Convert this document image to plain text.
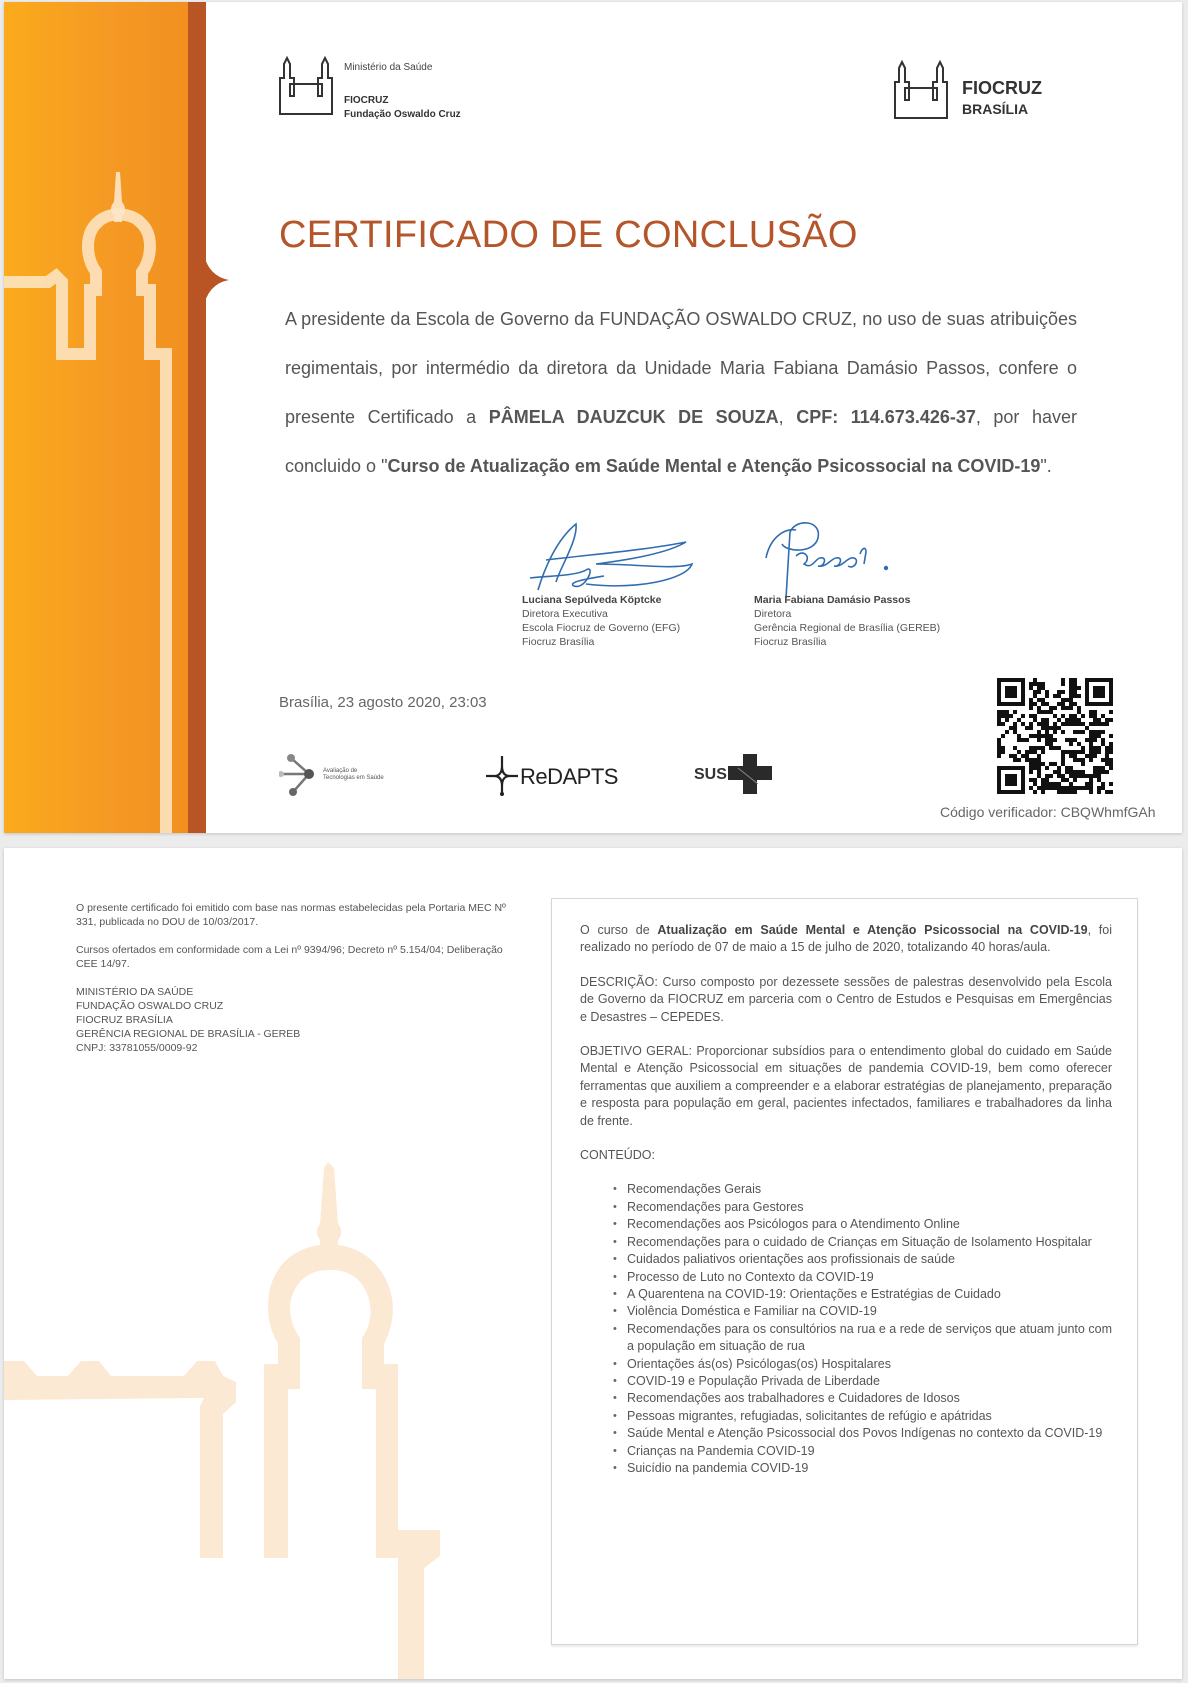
Ministério da Saúde
FIOCRUZ
Fundação Oswaldo Cruz
FIOCRUZ
BRASÍLIA
CERTIFICADO DE CONCLUSÃO
A presidente da Escola de Governo da FUNDAÇÃO OSWALDO CRUZ, no uso de suas atribuições regimentais, por intermédio da diretora da Unidade Maria Fabiana Damásio Passos, confere o presente Certificado a PÂMELA DAUZCUK DE SOUZA, CPF: 114.673.426-37, por haver concluido o "Curso de Atualização em Saúde Mental e Atenção Psicossocial na COVID-19".
Luciana Sepúlveda Köptcke
Diretora Executiva
Escola Fiocruz de Governo (EFG)
Fiocruz Brasília
Maria Fabiana Damásio Passos
Diretora
Gerência Regional de Brasília (GEREB)
Fiocruz Brasília
Brasília, 23 agosto 2020, 23:03
Avaliação de
Tecnologias em Saúde	ReDAPTS	SUS
Código verificador: CBQWhmfGAh

O presente certificado foi emitido com base nas normas estabelecidas pela Portaria MEC Nº 331, publicada no DOU de 10/03/2017.

Cursos ofertados em conformidade com a Lei nº 9394/96; Decreto nº 5.154/04; Deliberação CEE 14/97.

MINISTÉRIO DA SAÚDE
FUNDAÇÃO OSWALDO CRUZ
FIOCRUZ BRASÍLIA
GERÊNCIA REGIONAL DE BRASÍLIA - GEREB
CNPJ: 33781055/0009-92

O curso de Atualização em Saúde Mental e Atenção Psicossocial na COVID-19, foi realizado no período de 07 de maio a 15 de julho de 2020, totalizando 40 horas/aula.

DESCRIÇÃO: Curso composto por dezessete sessões de palestras desenvolvido pela Escola de Governo da FIOCRUZ em parceria com o Centro de Estudos e Pesquisas em Emergências e Desastres – CEPEDES.

OBJETIVO GERAL: Proporcionar subsídios para o entendimento global do cuidado em Saúde Mental e Atenção Psicossocial em situações de pandemia COVID-19, bem como oferecer ferramentas que auxiliem a compreender e a elaborar estratégias de planejamento, preparação e resposta para população em geral, pacientes infectados, familiares e trabalhadores da linha de frente.

CONTEÚDO:

• Recomendações Gerais
• Recomendações para Gestores
• Recomendações aos Psicólogos para o Atendimento Online
• Recomendações para o cuidado de Crianças em Situação de Isolamento Hospitalar
• Cuidados paliativos orientações aos profissionais de saúde
• Processo de Luto no Contexto da COVID-19
• A Quarentena na COVID-19: Orientações e Estratégias de Cuidado
• Violência Doméstica e Familiar na COVID-19
• Recomendações para os consultórios na rua e a rede de serviços que atuam junto com a população em situação de rua
• Orientações ás(os) Psicólogas(os) Hospitalares
• COVID-19 e População Privada de Liberdade
• Recomendações aos trabalhadores e Cuidadores de Idosos
• Pessoas migrantes, refugiadas, solicitantes de refúgio e apátridas
• Saúde Mental e Atenção Psicossocial dos Povos Indígenas no contexto da COVID-19
• Crianças na Pandemia COVID-19
• Suicídio na pandemia COVID-19
